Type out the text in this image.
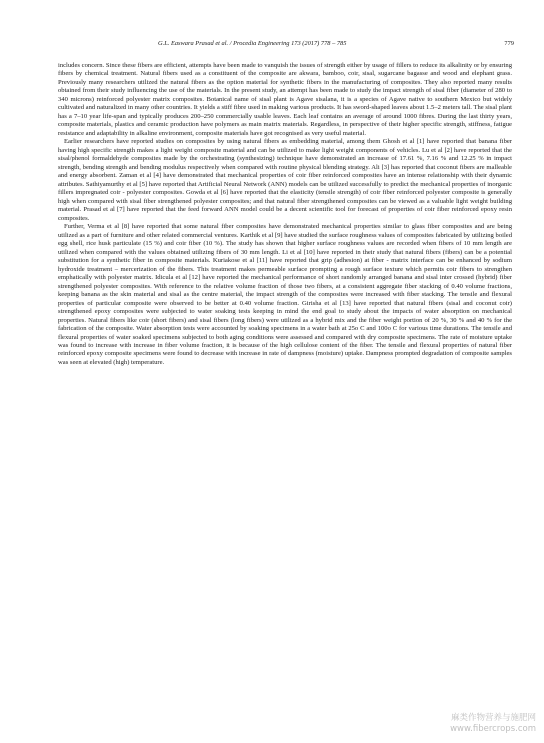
G.L. Easwara Prasad et al. / Procedia Engineering 173 (2017) 778 – 785	779

includes concern. Since these fibers are efficient, attempts have been made to vanquish the issues of strength either by usage of fillers to reduce its alkalinity or by ensuring fibers by chemical treatment. Natural fibers used as a constituent of the composite are akwara, bamboo, coir, sisal, sugarcane bagasse and wood and elephant grass. Previously many researchers utilized the natural fibers as the option material for synthetic fibers in the manufacturing of composites. They also reported many results obtained from their study influencing the use of the materials. In the present study, an attempt has been made to study the impact strength of sisal fiber (diameter of 280 to 340 microns) reinforced polyester matrix composites. Botanical name of sisal plant is Agave sisalana, it is a species of Agave native to southern Mexico but widely cultivated and naturalized in many other countries. It yields a stiff fibre used in making various products. It has sword-shaped leaves about 1.5–2 meters tall. The sisal plant has a 7–10 year life-span and typically produces 200–250 commercially usable leaves. Each leaf contains an average of around 1000 fibres. During the last thirty years, composite materials, plastics and ceramic production have polymers as main matrix materials. Regardless, in perspective of their higher specific strength, stiffness, fatigue resistance and adaptability in alkaline environment, composite materials have got recognised as very useful material.

Earlier researchers have reported studies on composites by using natural fibers as embedding material, among them Ghosh et al [1] have reported that banana fiber having high specific strength makes a light weight composite material and can be utilized to make light weight components of vehicles. Lu et al [2] have reported that the sisal/phenol formaldehyde composites made by the orchestrating (synthesizing) technique have demonstrated an increase of 17.61 %, 7.16 % and 12.25 % in impact strength, bending strength and bending modulus respectively when compared with routine physical blending strategy. Ali [3] has reported that coconut fibers are malleable and energy absorbent. Zaman et al [4] have demonstrated that mechanical properties of coir fiber reinforced composites have an intense relationship with their dynamic attributes. Sathiyamurthy et al [5] have reported that Artificial Neural Network (ANN) models can be utilized successfully to predict the mechanical properties of inorganic fillers impregnated coir - polyester composites. Gowda et al [6] have reported that the elasticity (tensile strength) of coir fiber reinforced polyester composite is generally high when compared with sisal fiber strengthened polyester composites; and that natural fiber strengthened composites can be viewed as a valuable light weight building material. Prasad et al [7] have reported that the feed forward ANN model could be a decent scientific tool for forecast of properties of coir fiber reinforced epoxy resin composites.

Further, Verma et al [8] have reported that some natural fiber composites have demonstrated mechanical properties similar to glass fiber composites and are being utilized as a part of furniture and other related commercial ventures. Karthik et al [9] have studied the surface roughness values of composites fabricated by utilizing boiled egg shell, rice husk particulate (15 %) and coir fiber (10 %). The study has shown that higher surface roughness values are recorded when fibers of 10 mm length are utilized when compared with the values obtained utilizing fibers of 30 mm length. Li et al [10] have reported in their study that natural fibers (fibers) can be a potential substitution for a synthetic fiber in composite materials. Kuriakose et al [11] have reported that grip (adhesion) at fiber - matrix interface can be enhanced by sodium hydroxide treatment – mercerization of the fibers. This treatment makes permeable surface prompting a rough surface texture which permits coir fibers to strengthen emphatically with polyester matrix. Idicula et al [12] have reported the mechanical performance of short randomly arranged banana and sisal inter crossed (hybrid) fiber strengthened polyester composites. With reference to the relative volume fraction of those two fibers, at a consistent aggregate fiber stacking of 0.40 volume fractions, keeping banana as the skin material and sisal as the centre material, the impact strength of the composites were increased with fiber stacking. The tensile and flexural properties of particular composite were observed to be better at 0.40 volume fraction. Girisha et al [13] have reported that natural fibers (sisal and coconut coir) strengthened epoxy composites were subjected to water soaking tests keeping in mind the end goal to study about the impacts of water absorption on mechanical properties. Natural fibers like coir (short fibers) and sisal fibers (long fibers) were utilized as a hybrid mix and the fiber weight portion of 20 %, 30 % and 40 % for the fabrication of the composite. Water absorption tests were accounted by soaking specimens in a water bath at 25o C and 100o C for various time durations. The tensile and flexural properties of water soaked specimens subjected to both aging conditions were assessed and compared with dry composite specimens. The rate of moisture uptake was found to increase with increase in fiber volume fraction, it is because of the high cellulose content of the fiber. The tensile and flexural properties of natural fiber reinforced epoxy composite specimens were found to decrease with increase in rate of dampness (moisture) uptake. Dampness prompted degradation of composite samples was seen at elevated (high) temperature.

麻类作物营养与施肥网
www.fibercrops.com
